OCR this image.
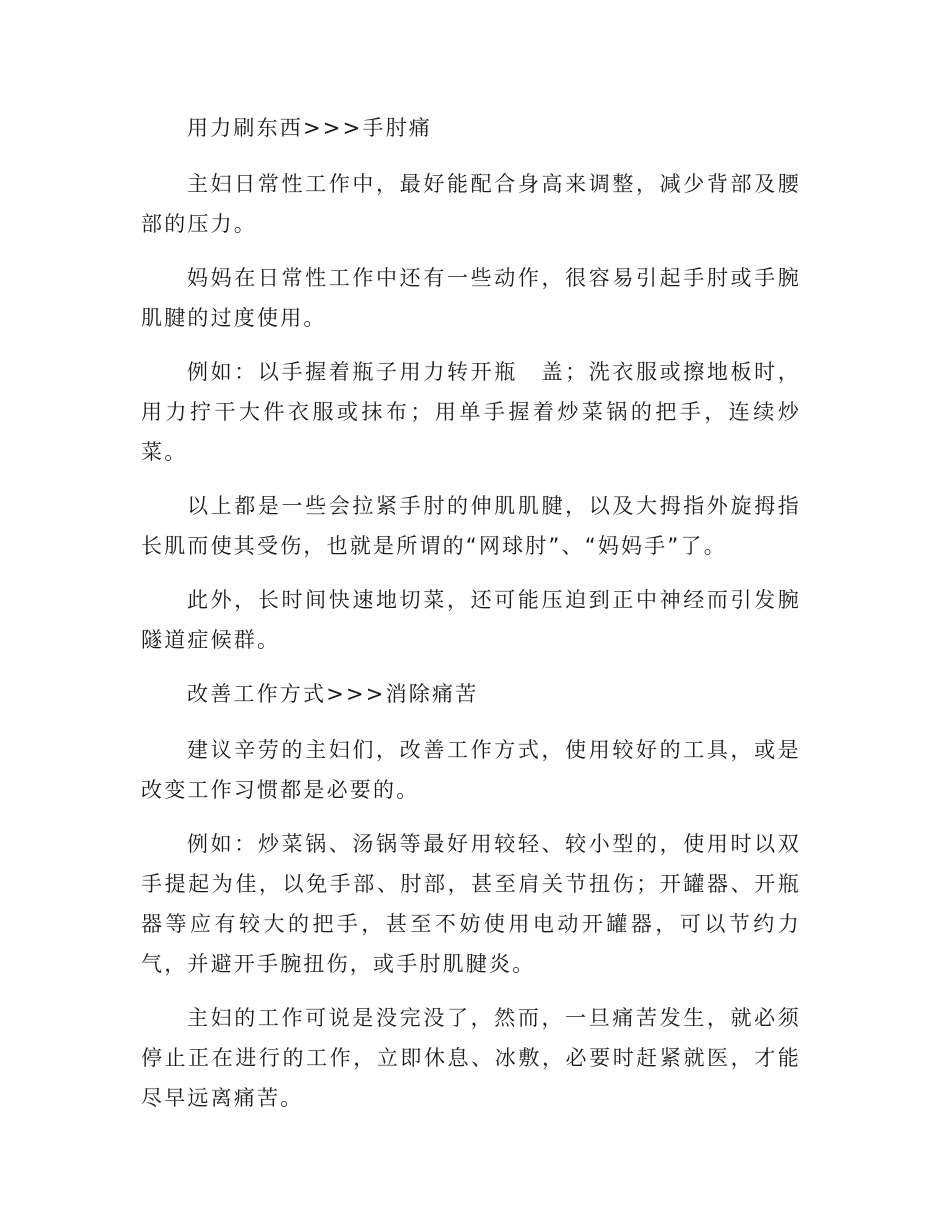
用力刷东西>>>手肘痛

主妇日常性工作中，最好能配合身高来调整，减少背部及腰部的压力。

妈妈在日常性工作中还有一些动作，很容易引起手肘或手腕肌腱的过度使用。

例如：以手握着瓶子用力转开瓶　盖；洗衣服或擦地板时，用力拧干大件衣服或抹布；用单手握着炒菜锅的把手，连续炒菜。

以上都是一些会拉紧手肘的伸肌肌腱，以及大拇指外旋拇指长肌而使其受伤，也就是所谓的“网球肘”、“妈妈手”了。

此外，长时间快速地切菜，还可能压迫到正中神经而引发腕隧道症候群。

改善工作方式>>>消除痛苦

建议辛劳的主妇们，改善工作方式，使用较好的工具，或是改变工作习惯都是必要的。

例如：炒菜锅、汤锅等最好用较轻、较小型的，使用时以双手提起为佳，以免手部、肘部，甚至肩关节扭伤；开罐器、开瓶器等应有较大的把手，甚至不妨使用电动开罐器，可以节约力气，并避开手腕扭伤，或手肘肌腱炎。

主妇的工作可说是没完没了，然而，一旦痛苦发生，就必须停止正在进行的工作，立即休息、冰敷，必要时赶紧就医，才能尽早远离痛苦。
